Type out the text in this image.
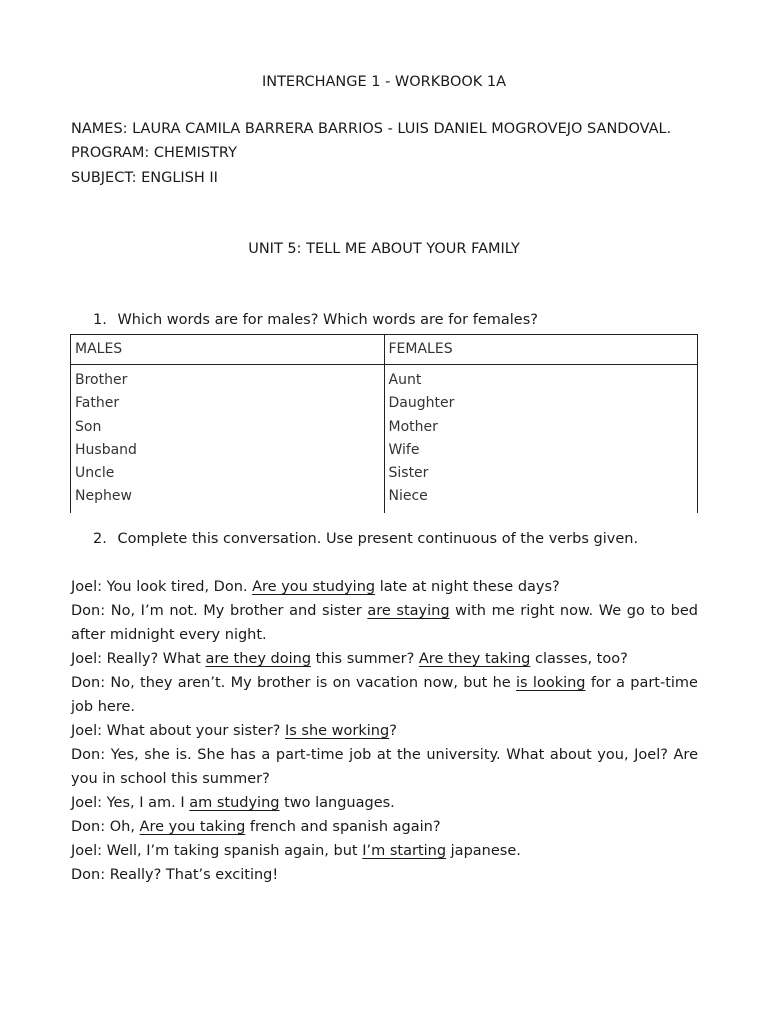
INTERCHANGE 1 - WORKBOOK 1A
NAMES: LAURA CAMILA BARRERA BARRIOS - LUIS DANIEL MOGROVEJO SANDOVAL.
PROGRAM: CHEMISTRY
SUBJECT: ENGLISH II
UNIT 5: TELL ME ABOUT YOUR FAMILY
1. Which words are for males? Which words are for females?
MALES	FEMALES
Brother	Aunt
Father	Daughter
Son	Mother
Husband	Wife
Uncle	Sister
Nephew	Niece
2. Complete this conversation. Use present continuous of the verbs given.

Joel: You look tired, Don. Are you studying late at night these days?

Don: No, I’m not. My brother and sister are staying with me right now. We go to bed after midnight every night.

Joel: Really? What are they doing this summer? Are they taking classes, too?

Don: No, they aren’t. My brother is on vacation now, but he is looking for a part-time job here.

Joel: What about your sister? Is she working?

Don: Yes, she is. She has a part-time job at the university. What about you, Joel? Are you in school this summer?

Joel: Yes, I am. I am studying two languages.

Don: Oh, Are you taking french and spanish again?

Joel: Well, I’m taking spanish again, but I’m starting japanese.

Don: Really? That’s exciting!
